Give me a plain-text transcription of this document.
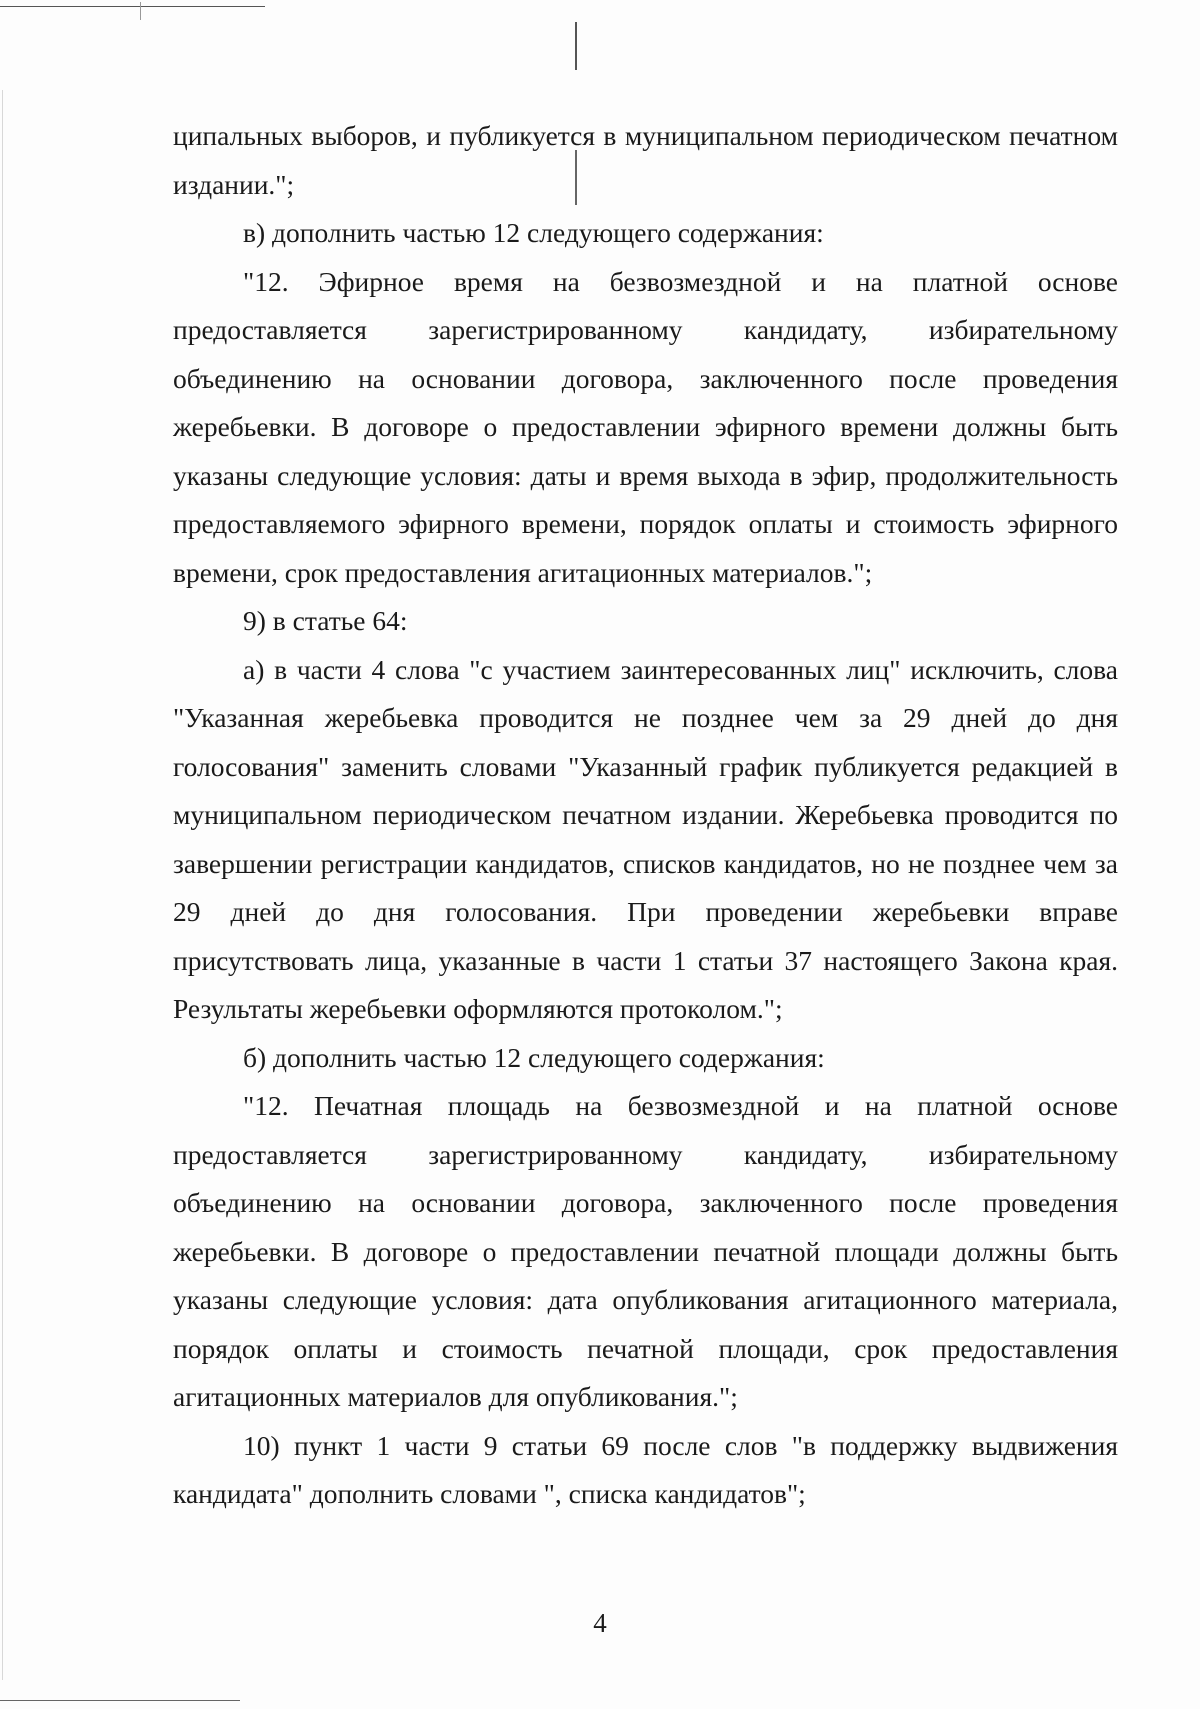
ципальных выборов, и публикуется в муниципальном периодическом печатном издании.";

в) дополнить частью 12 следующего содержания:

"12. Эфирное время на безвозмездной и на платной основе предоставляется зарегистрированному кандидату, избирательному объединению на основании договора, заключенного после проведения жеребьевки. В договоре о предоставлении эфирного времени должны быть указаны следующие условия: даты и время выхода в эфир, продолжительность предоставляемого эфирного времени, порядок оплаты и стоимость эфирного времени, срок предоставления агитационных материалов.";

9) в статье 64:

а) в части 4 слова "с участием заинтересованных лиц" исключить, слова "Указанная жеребьевка проводится не позднее чем за 29 дней до дня голосования" заменить словами "Указанный график публикуется редакцией в муниципальном периодическом печатном издании. Жеребьевка проводится по завершении регистрации кандидатов, списков кандидатов, но не позднее чем за 29 дней до дня голосования. При проведении жеребьевки вправе присутствовать лица, указанные в части 1 статьи 37 настоящего Закона края. Результаты жеребьевки оформляются протоколом.";

б) дополнить частью 12 следующего содержания:

"12. Печатная площадь на безвозмездной и на платной основе предоставляется зарегистрированному кандидату, избирательному объединению на основании договора, заключенного после проведения жеребьевки. В договоре о предоставлении печатной площади должны быть указаны следующие условия: дата опубликования агитационного материала, порядок оплаты и стоимость печатной площади, срок предоставления агитационных материалов для опубликования.";

10) пункт 1 части 9 статьи 69 после слов "в поддержку выдвижения кандидата" дополнить словами ", списка кандидатов";

4
